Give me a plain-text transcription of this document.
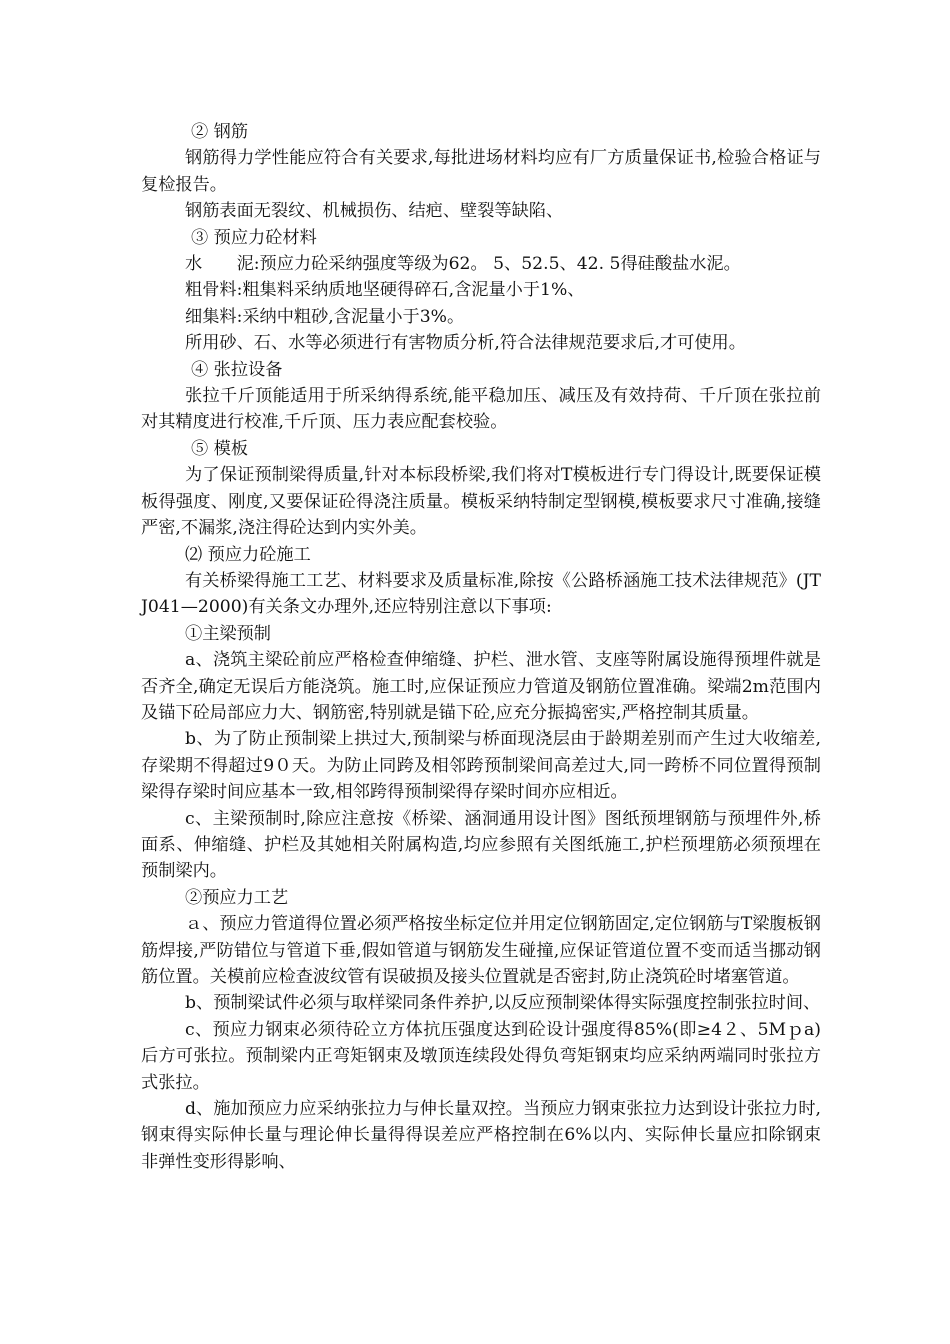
② 钢筋

钢筋得力学性能应符合有关要求,每批进场材料均应有厂方质量保证书,检验合格证与复检报告。

钢筋表面无裂纹、机械损伤、结疤、壁裂等缺陷、

③ 预应力砼材料

水　　泥:预应力砼采纳强度等级为62。 5、52.5、42. 5得硅酸盐水泥。

粗骨料:粗集料采纳质地坚硬得碎石,含泥量小于1%、

细集料:采纳中粗砂,含泥量小于3%。

所用砂、石、水等必须进行有害物质分析,符合法律规范要求后,才可使用。

④ 张拉设备

张拉千斤顶能适用于所采纳得系统,能平稳加压、减压及有效持荷、千斤顶在张拉前对其精度进行校准,千斤顶、压力表应配套校验。

⑤ 模板

为了保证预制梁得质量,针对本标段桥梁,我们将对T模板进行专门得设计,既要保证模板得强度、刚度,又要保证砼得浇注质量。模板采纳特制定型钢模,模板要求尺寸准确,接缝严密,不漏浆,浇注得砼达到内实外美。

⑵ 预应力砼施工

有关桥梁得施工工艺、材料要求及质量标准,除按《公路桥涵施工技术法律规范》(JTJ041—2000)有关条文办理外,还应特别注意以下事项:

①主梁预制

a、浇筑主梁砼前应严格检查伸缩缝、护栏、泄水管、支座等附属设施得预埋件就是否齐全,确定无误后方能浇筑。施工时,应保证预应力管道及钢筋位置准确。梁端2m范围内及锚下砼局部应力大、钢筋密,特别就是锚下砼,应充分振捣密实,严格控制其质量。

b、为了防止预制梁上拱过大,预制梁与桥面现浇层由于龄期差别而产生过大收缩差,存梁期不得超过9０天。为防止同跨及相邻跨预制梁间高差过大,同一跨桥不同位置得预制梁得存梁时间应基本一致,相邻跨得预制梁得存梁时间亦应相近。

c、主梁预制时,除应注意按《桥梁、涵洞通用设计图》图纸预埋钢筋与预埋件外,桥面系、伸缩缝、护栏及其她相关附属构造,均应参照有关图纸施工,护栏预埋筋必须预埋在预制梁内。

②预应力工艺

ａ、预应力管道得位置必须严格按坐标定位并用定位钢筋固定,定位钢筋与T梁腹板钢筋焊接,严防错位与管道下垂,假如管道与钢筋发生碰撞,应保证管道位置不变而适当挪动钢筋位置。关模前应检查波纹管有误破损及接头位置就是否密封,防止浇筑砼时堵塞管道。

b、预制梁试件必须与取样梁同条件养护,以反应预制梁体得实际强度控制张拉时间、

c、预应力钢束必须待砼立方体抗压强度达到砼设计强度得85%(即≥4２、5Mｐa)后方可张拉。预制梁内正弯矩钢束及墩顶连续段处得负弯矩钢束均应采纳两端同时张拉方式张拉。

d、施加预应力应采纳张拉力与伸长量双控。当预应力钢束张拉力达到设计张拉力时,钢束得实际伸长量与理论伸长量得得误差应严格控制在6%以内、实际伸长量应扣除钢束非弹性变形得影响、
